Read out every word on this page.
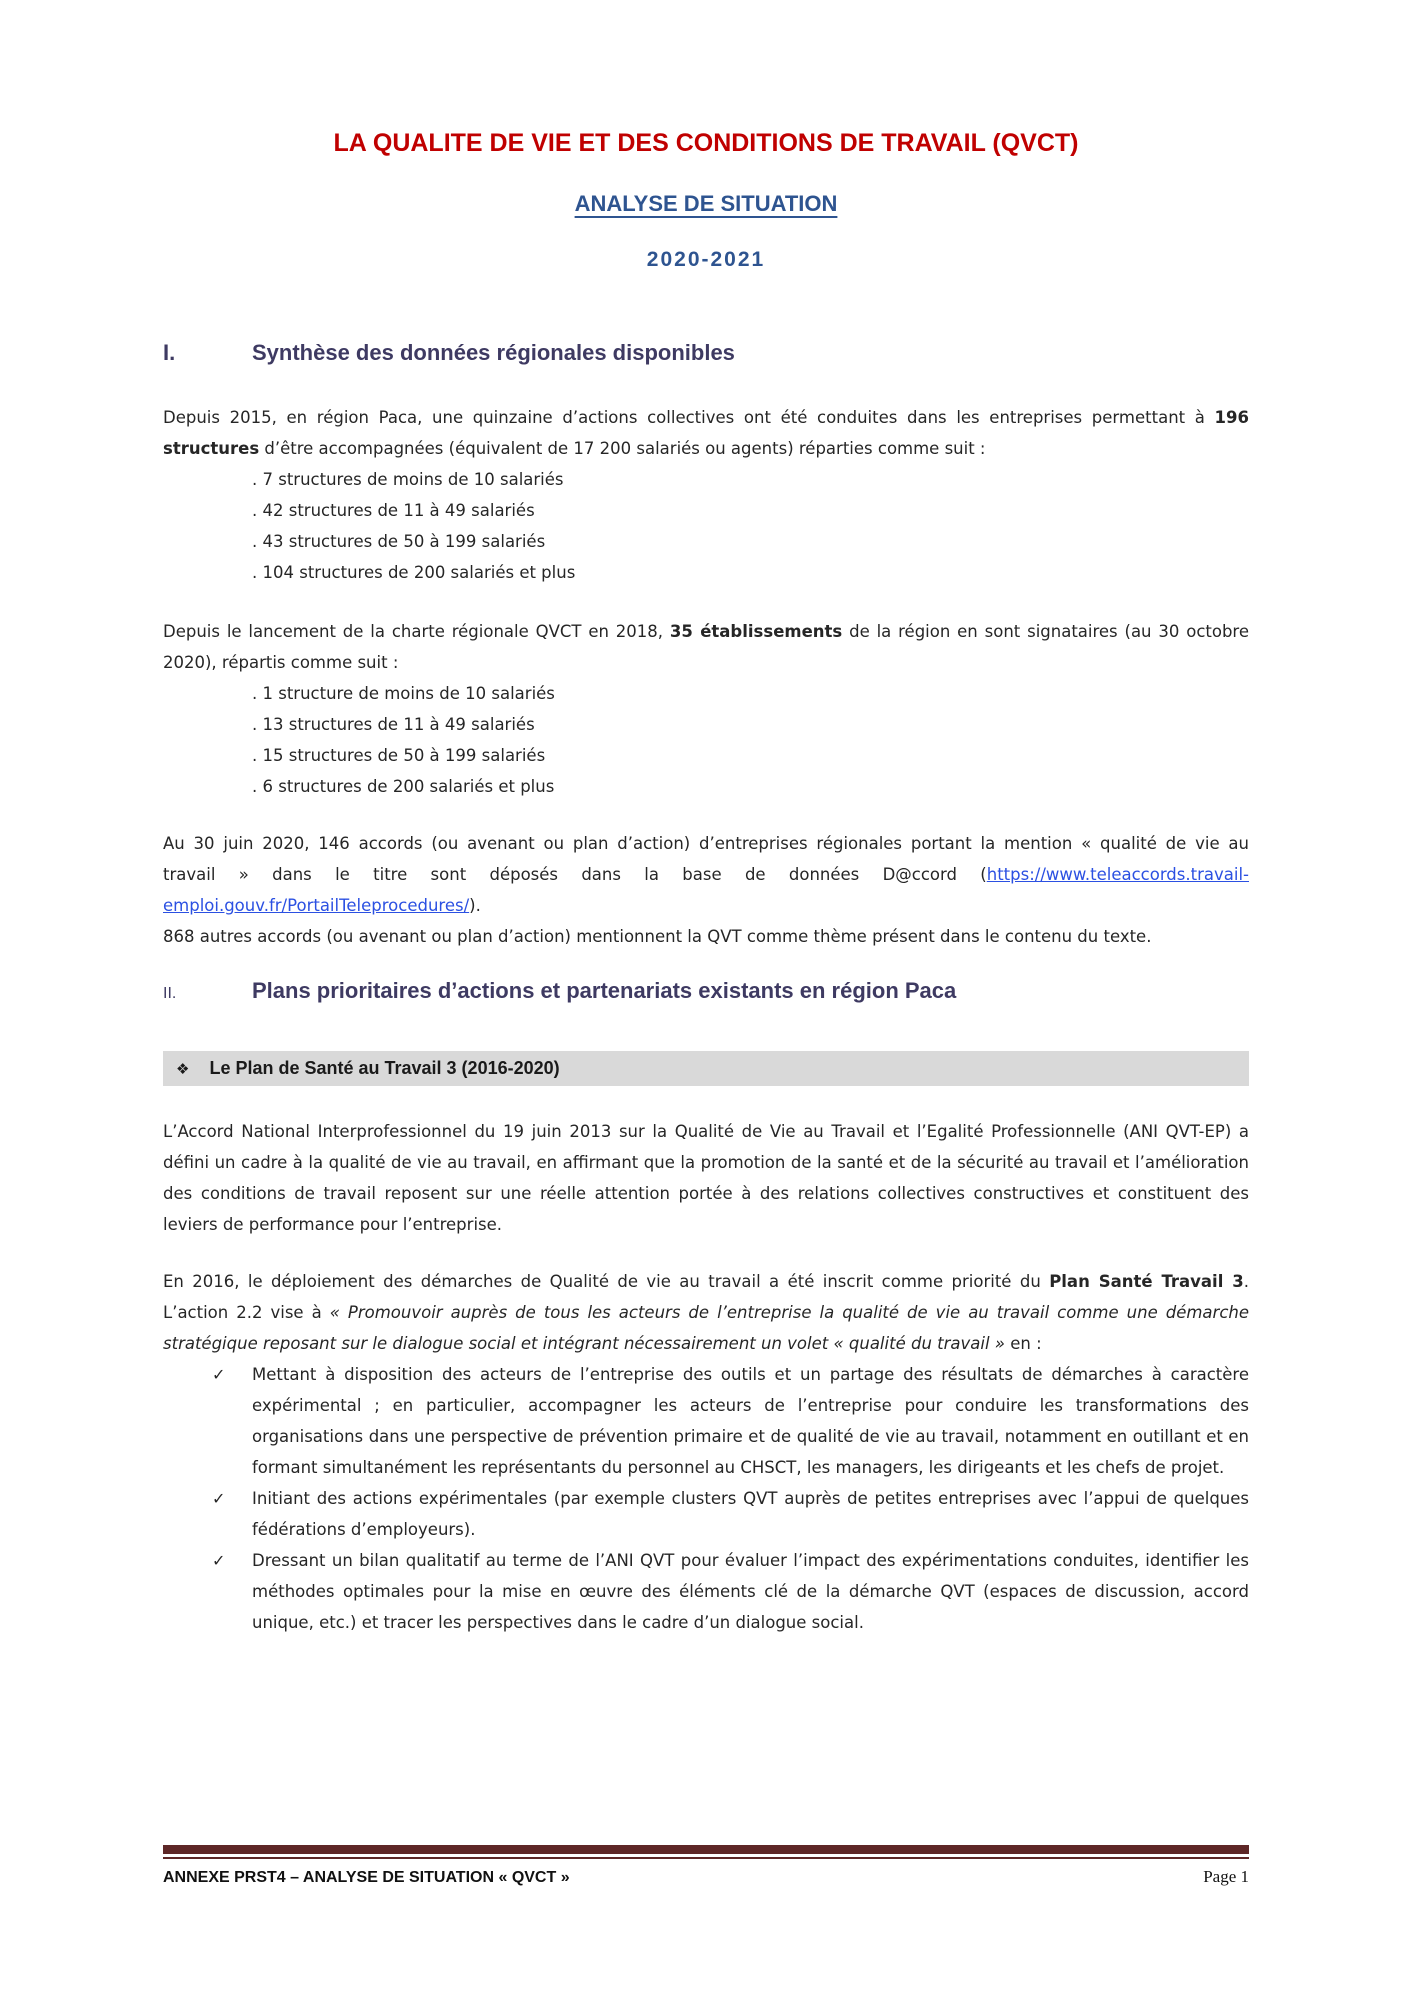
LA QUALITE DE VIE ET DES CONDITIONS DE TRAVAIL (QVCT)
ANALYSE DE SITUATION
2020-2021
I.	Synthèse des données régionales disponibles

Depuis 2015, en région Paca, une quinzaine d’actions collectives ont été conduites dans les entreprises permettant à 196 structures d’être accompagnées (équivalent de 17 200 salariés ou agents) réparties comme suit :

. 7 structures de moins de 10 salariés
. 42 structures de 11 à 49 salariés
. 43 structures de 50 à 199 salariés
. 104 structures de 200 salariés et plus

Depuis le lancement de la charte régionale QVCT en 2018, 35 établissements de la région en sont signataires (au 30 octobre 2020), répartis comme suit :

. 1 structure de moins de 10 salariés
. 13 structures de 11 à 49 salariés
. 15 structures de 50 à 199 salariés
. 6 structures de 200 salariés et plus

Au 30 juin 2020, 146 accords (ou avenant ou plan d’action) d’entreprises régionales portant la mention « qualité de vie au travail » dans le titre sont déposés dans la base de données D@ccord (https://www.teleaccords.travail-emploi.gouv.fr/PortailTeleprocedures/).

868 autres accords (ou avenant ou plan d’action) mentionnent la QVT comme thème présent dans le contenu du texte.

II.	Plans prioritaires d’actions et partenariats existants en région Paca
❖ Le Plan de Santé au Travail 3 (2016-2020)

L’Accord National Interprofessionnel du 19 juin 2013 sur la Qualité de Vie au Travail et l’Egalité Professionnelle (ANI QVT-EP) a défini un cadre à la qualité de vie au travail, en affirmant que la promotion de la santé et de la sécurité au travail et l’amélioration des conditions de travail reposent sur une réelle attention portée à des relations collectives constructives et constituent des leviers de performance pour l’entreprise.

En 2016, le déploiement des démarches de Qualité de vie au travail a été inscrit comme priorité du Plan Santé Travail 3. L’action 2.2 vise à « Promouvoir auprès de tous les acteurs de l’entreprise la qualité de vie au travail comme une démarche stratégique reposant sur le dialogue social et intégrant nécessairement un volet « qualité du travail » en :

✓ Mettant à disposition des acteurs de l’entreprise des outils et un partage des résultats de démarches à caractère expérimental ; en particulier, accompagner les acteurs de l’entreprise pour conduire les transformations des organisations dans une perspective de prévention primaire et de qualité de vie au travail, notamment en outillant et en formant simultanément les représentants du personnel au CHSCT, les managers, les dirigeants et les chefs de projet.
✓ Initiant des actions expérimentales (par exemple clusters QVT auprès de petites entreprises avec l’appui de quelques fédérations d’employeurs).
✓ Dressant un bilan qualitatif au terme de l’ANI QVT pour évaluer l’impact des expérimentations conduites, identifier les méthodes optimales pour la mise en œuvre des éléments clé de la démarche QVT (espaces de discussion, accord unique, etc.) et tracer les perspectives dans le cadre d’un dialogue social.
ANNEXE PRST4 – ANALYSE DE SITUATION « QVCT »	Page 1
